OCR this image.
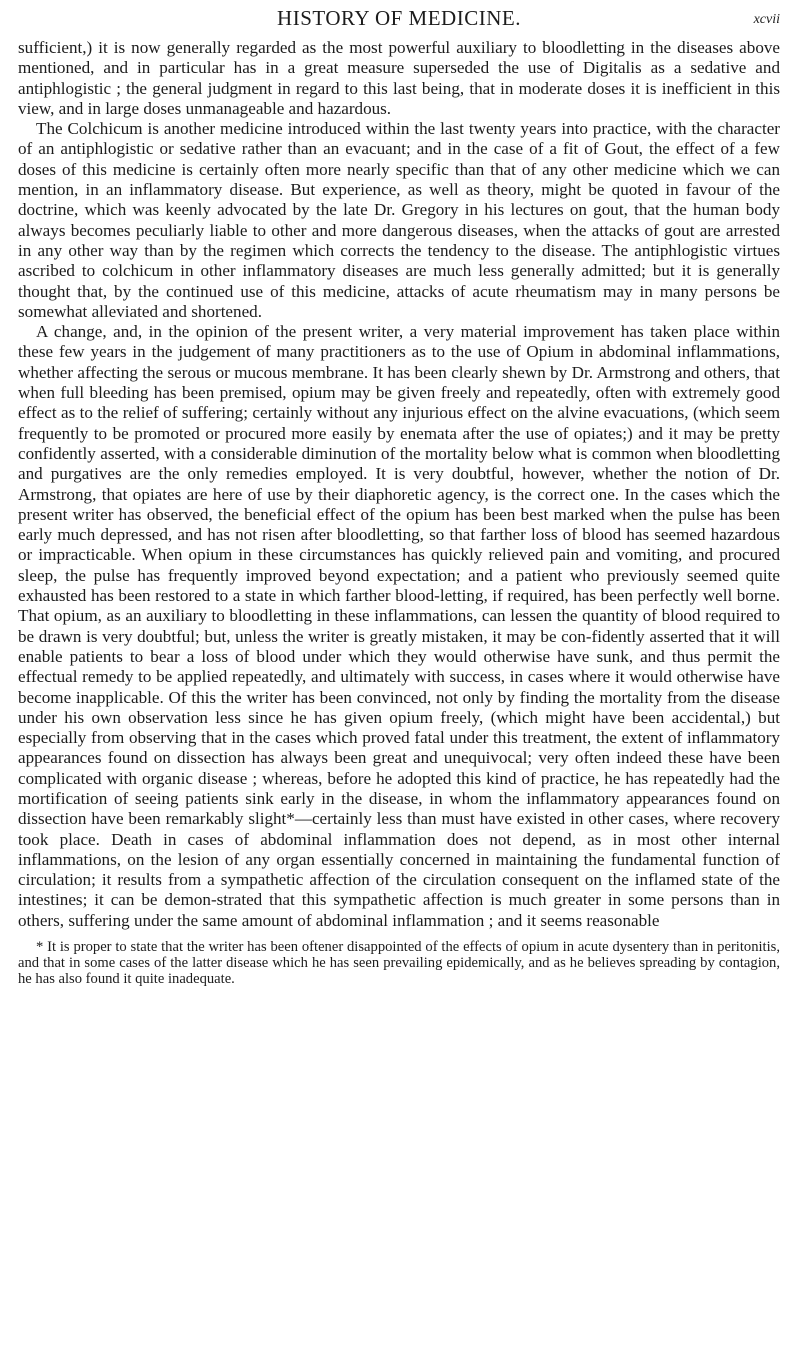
HISTORY OF MEDICINE.	xcvii

sufficient,) it is now generally regarded as the most powerful auxiliary to bloodletting in the diseases above mentioned, and in particular has in a great measure superseded the use of Digitalis as a sedative and antiphlogistic ; the general judgment in regard to this last being, that in moderate doses it is inefficient in this view, and in large doses unmanageable and hazardous.

The Colchicum is another medicine introduced within the last twenty years into practice, with the character of an antiphlogistic or sedative rather than an evacuant; and in the case of a fit of Gout, the effect of a few doses of this medicine is certainly often more nearly specific than that of any other medicine which we can mention, in an inflammatory disease. But experience, as well as theory, might be quoted in favour of the doctrine, which was keenly advocated by the late Dr. Gregory in his lectures on gout, that the human body always becomes peculiarly liable to other and more dangerous diseases, when the attacks of gout are arrested in any other way than by the regimen which corrects the tendency to the disease. The antiphlogistic virtues ascribed to colchicum in other inflammatory diseases are much less generally admitted; but it is generally thought that, by the continued use of this medicine, attacks of acute rheumatism may in many persons be somewhat alleviated and shortened.

A change, and, in the opinion of the present writer, a very material improvement has taken place within these few years in the judgement of many practitioners as to the use of Opium in abdominal inflammations, whether affecting the serous or mucous membrane. It has been clearly shewn by Dr. Armstrong and others, that when full bleeding has been premised, opium may be given freely and repeatedly, often with extremely good effect as to the relief of suffering; certainly without any injurious effect on the alvine evacuations, (which seem frequently to be promoted or procured more easily by enemata after the use of opiates;) and it may be pretty confidently asserted, with a considerable diminution of the mortality below what is common when bloodletting and purgatives are the only remedies employed. It is very doubtful, however, whether the notion of Dr. Armstrong, that opiates are here of use by their diaphoretic agency, is the correct one. In the cases which the present writer has observed, the beneficial effect of the opium has been best marked when the pulse has been early much depressed, and has not risen after bloodletting, so that farther loss of blood has seemed hazardous or impracticable. When opium in these circumstances has quickly relieved pain and vomiting, and procured sleep, the pulse has frequently improved beyond expectation; and a patient who previously seemed quite exhausted has been restored to a state in which farther blood-letting, if required, has been perfectly well borne. That opium, as an auxiliary to bloodletting in these inflammations, can lessen the quantity of blood required to be drawn is very doubtful; but, unless the writer is greatly mistaken, it may be con-fidently asserted that it will enable patients to bear a loss of blood under which they would otherwise have sunk, and thus permit the effectual remedy to be applied repeatedly, and ultimately with success, in cases where it would otherwise have become inapplicable. Of this the writer has been convinced, not only by finding the mortality from the disease under his own observation less since he has given opium freely, (which might have been accidental,) but especially from observing that in the cases which proved fatal under this treatment, the extent of inflammatory appearances found on dissection has always been great and unequivocal; very often indeed these have been complicated with organic disease ; whereas, before he adopted this kind of practice, he has repeatedly had the mortification of seeing patients sink early in the disease, in whom the inflammatory appearances found on dissection have been remarkably slight*—certainly less than must have existed in other cases, where recovery took place. Death in cases of abdominal inflammation does not depend, as in most other internal inflammations, on the lesion of any organ essentially concerned in maintaining the fundamental function of circulation; it results from a sympathetic affection of the circulation consequent on the inflamed state of the intestines; it can be demon-strated that this sympathetic affection is much greater in some persons than in others, suffering under the same amount of abdominal inflammation ; and it seems reasonable

* It is proper to state that the writer has been oftener disappointed of the effects of opium in acute dysentery than in peritonitis, and that in some cases of the latter disease which he has seen prevailing epidemically, and as he believes spreading by contagion, he has also found it quite inadequate.
